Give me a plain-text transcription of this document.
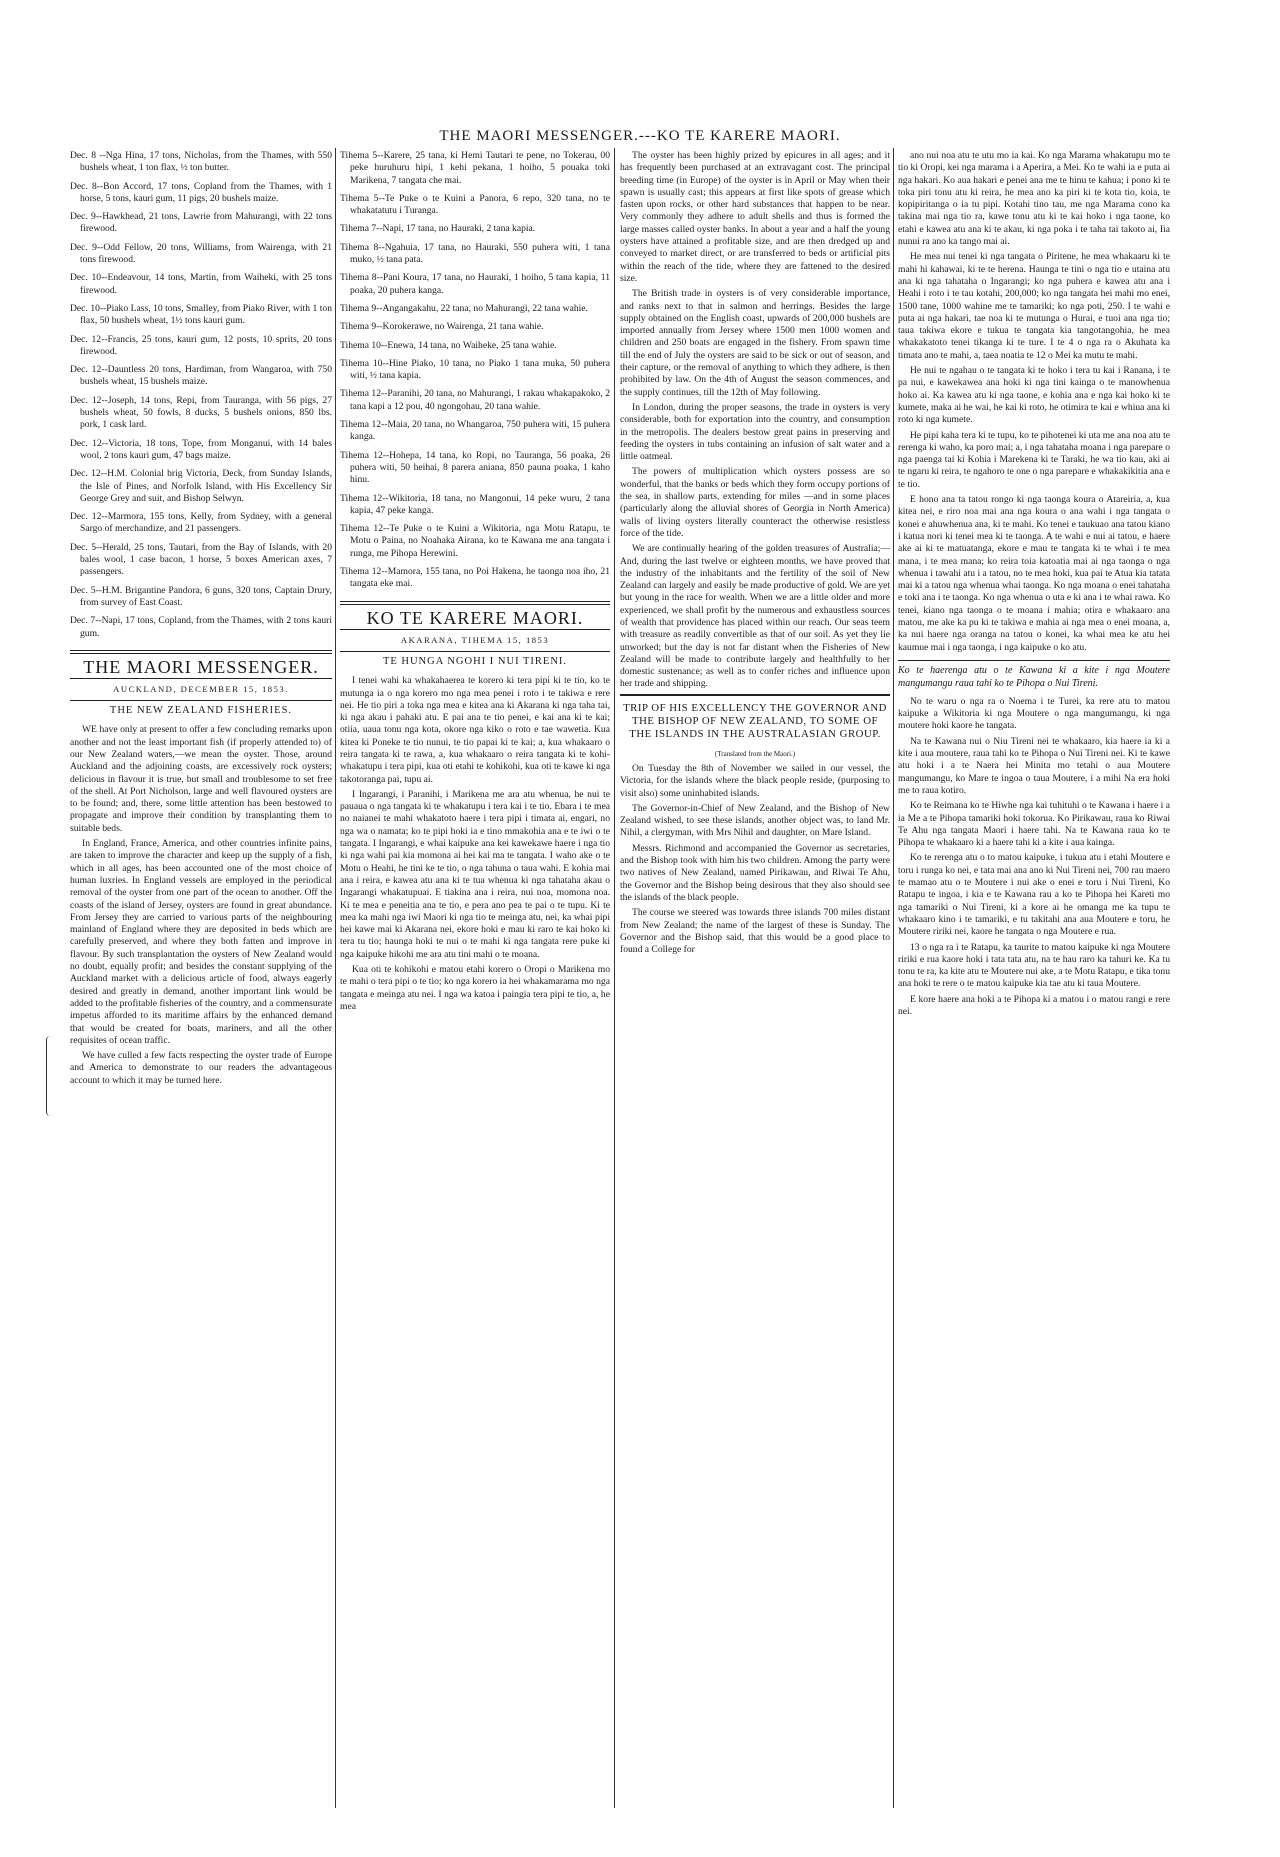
THE MAORI MESSENGER.---KO TE KARERE MAORI.
Dec. 8 --Nga Hina, 17 tons, Nicholas, from the Thames, with 550 bushels wheat, 1 ton flax, ½ ton butter.
Dec. 8--Bon Accord, 17 tons, Copland from the Thames, with 1 horse, 5 tons, kauri gum, 11 pigs, 20 bushels maize.
Dec. 9--Hawkhead, 21 tons, Lawrie from Mahurangi, with 22 tons firewood.
Dec. 9--Odd Fellow, 20 tons, Williams, from Wairenga, with 21 tons firewood.
Dec. 10--Endeavour, 14 tons, Martin, from Waiheki, with 25 tons firewood.
Dec. 10--Piako Lass, 10 tons, Smalley, from Piako River, with 1 ton flax, 50 bushels wheat, 1½ tons kauri gum.
Dec. 12--Francis, 25 tons, kauri gum, 12 posts, 10 sprits, 20 tons firewood.
Dec. 12--Dauntless 20 tons, Hardiman, from Wangaroa, with 750 bushels wheat, 15 bushels maize.
Dec. 12--Joseph, 14 tons, Repi, from Tauranga, with 56 pigs, 27 bushels wheat, 50 fowls, 8 ducks, 5 bushels onions, 850 lbs. pork, 1 cask lard.
Dec. 12--Victoria, 18 tons, Tope, from Monganui, with 14 bales wool, 2 tons kauri gum, 47 bags maize.
Dec. 12--H.M. Colonial brig Victoria, Deck, from Sunday Islands, the Isle of Pines, and Norfolk Island, with His Excellency Sir George Grey and suit, and Bishop Selwyn.
Dec. 12--Marmora, 155 tons, Kelly, from Sydney, with a general Sargo of merchandize, and 21 passengers.
Dec. 5--Herald, 25 tons, Tautari, from the Bay of Islands, with 20 bales wool, 1 case bacon, 1 horse, 5 boxes American axes, 7 passengers.
Dec. 5--H.M. Brigantine Pandora, 6 guns, 320 tons, Captain Drury, from survey of East Coast.
Dec. 7--Napi, 17 tons, Copland, from the Thames, with 2 tons kauri gum.
THE MAORI MESSENGER.
AUCKLAND, DECEMBER 15, 1853.
THE NEW ZEALAND FISHERIES.

WE have only at present to offer a few concluding remarks upon another and not the least important fish (if properly attended to) of our New Zealand waters,—we mean the oyster. Those, around Auckland and the adjoining coasts, are excessively rock oysters; delicious in flavour it is true, but small and troublesome to set free of the shell. At Port Nicholson, large and well flavoured oysters are to be found; and, there, some little attention has been bestowed to propagate and improve their condition by transplanting them to suitable beds.

In England, France, America, and other countries infinite pains, are taken to improve the character and keep up the supply of a fish, which in all ages, has been accounted one of the most choice of human luxries. In England vessels are employed in the periodical removal of the oyster from one part of the ocean to another. Off the coasts of the island of Jersey, oysters are found in great abundance. From Jersey they are carried to various parts of the neighbouring mainland of England where they are deposited in beds which are carefully preserved, and where they both fatten and improve in flavour. By such transplantation the oysters of New Zealand would no doubt, equally profit; and besides the constant supplying of the Auckland market with a delicious article of food, always eagerly desired and greatly in demand, another important link would be added to the profitable fisheries of the country, and a commensurate impetus afforded to its maritime affairs by the enhanced demand that would be created for boats, mariners, and all the other requisites of ocean traffic.

We have culled a few facts respecting the oyster trade of Europe and America to demonstrate to our readers the advantageous account to which it may be turned here.

Tihema 5--Karere, 25 tana, ki Hemi Tautari te pene, no Tokerau, 00 peke huruhuru hipi, 1 kehi pekana, 1 hoiho, 5 pouaka toki Marikena, 7 tangata che mai.
Tihema 5--Te Puke o te Kuini a Panora, 6 repo, 320 tana, no te whakatatutu i Turanga.
Tihema 7--Napi, 17 tana, no Hauraki, 2 tana kapia.
Tihema 8--Ngahuia, 17 tana, no Hauraki, 550 puhera witi, 1 tana muko, ½ tana pata.
Tihema 8--Pani Koura, 17 tana, no Hauraki, 1 hoiho, 5 tana kapia, 11 poaka, 20 puhera kanga.
Tihema 9--Angangakahu, 22 tana, no Mahurangi, 22 tana wahie.
Tihema 9--Korokerawe, no Wairenga, 21 tana wahie.
Tihema 10--Enewa, 14 tana, no Waiheke, 25 tana wahie.
Tihema 10--Hine Piako, 10 tana, no Piako 1 tana muka, 50 puhera witi, ½ tana kapia.
Tihema 12--Paranihi, 20 tana, no Mahurangi, 1 rakau whakapakoko, 2 tana kapi a 12 pou, 40 ngongohau, 20 tana wahie.
Tihema 12--Maia, 20 tana, no Whangaroa, 750 puhera witi, 15 puhera kanga.
Tihema 12--Hohepa, 14 tana, ko Ropi, no Tauranga, 56 poaka, 26 puhera witi, 50 heihai, 8 parera aniana, 850 pauna poaka, 1 kaho hinu.
Tihema 12--Wikitoria, 18 tana, no Mangonui, 14 peke wuru, 2 tana kapia, 47 peke kanga.
Tihema 12--Te Puke o te Kuini a Wikitoria, nga Motu Ratapu, te Motu o Paina, no Noahaka Airana, ko te Kawana me ana tangata i runga, me Pihopa Herewini.
Tihema 12--Mamora, 155 tana, no Poi Hakena, he taonga noa iho, 21 tangata eke mai.
KO TE KARERE MAORI.
AKARANA, TIHEMA 15, 1853
TE HUNGA NGOHI I NUI TIRENI.

I tenei wahi ka whakahaerea te korero ki tera pipi ki te tio, ko te mutunga ia o nga korero mo nga mea penei i roto i te takiwa e rere nei. He tio piri a toka nga mea e kitea ana ki Akarana ki nga taha tai, ki nga akau i pahaki atu. E pai ana te tio penei, e kai ana ki te kai; otiia, uaua tonu nga kota, okore nga kiko o roto e tae wawetia. Kua kitea ki Poneke te tio nunui, te tio papai ki te kai; a, kua whakaaro o reira tangata ki te rawa, a, kua whakaaro o reira tangata ki te kohi-whakatupu i tera pipi, kua oti etahi te kohikohi, kua oti te kawe ki nga takotoranga pai, tupu ai.

I Ingarangi, i Paranihi, i Marikena me ara atu whenua, he nui te pauaua o nga tangata ki te whakatupu i tera kai i te tio. Ebara i te mea no naianei te mahi whakatoto haere i tera pipi i timata ai, engari, no nga wa o namata; ko te pipi hoki ia e tino mmakohia ana e te iwi o te tangata. I Ingarangi, e whai kaipuke ana kei kawekawe haere i nga tio ki nga wahi pai kia momona ai hei kai ma te tangata. I waho ake o te Motu o Heahi, he tini ke te tio, o nga tahuna o taua wahi. E kohia mai ana i reira, e kawea atu ana ki te tua whenua ki nga tahataha akau o Ingarangi whakatupuai. E tiakina ana i reira, nui noa, momona noa. Ki te mea e peneitia ana te tio, e pera ano pea te pai o te tupu. Ki te mea ka mahi nga iwi Maori ki nga tio te meinga atu, nei, ka whai pipi hei kawe mai ki Akarana nei, ekore hoki e mau ki raro te kai hoko ki tera tu tio; haunga hoki te nui o te mahi ki nga tangata rere puke ki nga kaipuke hikohi me ara atu tini mahi o te moana.

Kua oti te kohikohi e matou etahi korero o Oropi o Marikena mo te mahi o tera pipi o te tio; ko nga korero ia hei whakamarama mo nga tangata e meinga atu nei. I nga wa katoa i paingia tera pipi te tio, a, he mea

The oyster has been highly prized by epicures in all ages; and it has frequently been purchased at an extravagant cost. The principal breeding time (in Europe) of the oyster is in April or May when their spawn is usually cast; this appears at first like spots of grease which fasten upon rocks, or other hard substances that happen to be near. Very commonly they adhere to adult shells and thus is formed the large masses called oyster banks. In about a year and a half the young oysters have attained a profitable size, and are then dredged up and conveyed to market direct, or are transferred to beds or artificial pits within the reach of the tide, where they are fattened to the desired size.

The British trade in oysters is of very considerable importance, and ranks next to that in salmon and herrings. Besides the large supply obtained on the English coast, upwards of 200,000 bushels are imported annually from Jersey where 1500 men 1000 women and children and 250 boats are engaged in the fishery. From spawn time till the end of July the oysters are said to be sick or out of season, and their capture, or the removal of anything to which they adhere, is then prohibited by law. On the 4th of August the season commences, and the supply continues, till the 12th of May following.

In London, during the proper seasons, the trade in oysters is very considerable, both for exportation into the country, and consumption in the metropolis. The dealers bestow great pains in preserving and feeding the oysters in tubs containing an infusion of salt water and a little oatmeal.

The powers of multiplication which oysters possess are so wonderful, that the banks or beds which they form occupy portions of the sea, in shallow parts, extending for miles —and in some places (particularly along the alluvial shores of Georgia in North America) walls of living oysters literally counteract the otherwise resistless force of the tide.

We are continually hearing of the golden treasures of Australia;—And, during the last twelve or eighteen months, we have proved that the industry of the inhabitants and the fertility of the soil of New Zealand can largely and easily be made productive of gold. We are yet but young in the race for wealth. When we are a little older and more experienced, we shall profit by the numerous and exhaustless sources of wealth that providence has placed within our reach. Our seas teem with treasure as readily convertible as that of our soil. As yet they lie unworked; but the day is not far distant when the Fisheries of New Zealand will be made to contribute largely and healthfully to her domestic sustenance; as well as to confer riches and influence upon her trade and shipping.

TRIP OF HIS EXCELLENCY THE GOVERNOR AND THE BISHOP OF NEW ZEALAND, TO SOME OF THE ISLANDS IN THE AUSTRALASIAN GROUP.
(Translated from the Maori.)

On Tuesday the 8th of November we sailed in our vessel, the Victoria, for the islands where the black people reside, (purposing to visit also) some uninhabited islands.

The Governor-in-Chief of New Zealand, and the Bishop of New Zealand wished, to see these islands, another object was, to land Mr. Nihil, a clergyman, with Mrs Nihil and daughter, on Mare Island.

Messrs. Richmond and accompanied the Governor as secretaries, and the Bishop took with him his two children. Among the party were two natives of New Zealand, named Pirikawau, and Riwai Te Ahu, the Governor and the Bishop being desirous that they also should see the islands of the black people.

The course we steered was towards three islands 700 miles distant from New Zealand; the name of the largest of these is Sunday. The Governor and the Bishop said, that this would be a good place to found a College for

ano nui noa atu te utu mo ia kai. Ko nga Marama whakatupu mo te tio ki Oropi, kei nga marama i a Aperira, a Mei. Ko te wahi ia e puta ai nga hakari. Ko aua hakari e penei ana me te hinu te kahua; i pono ki te toka piri tonu atu ki reira, he mea ano ka piri ki te kota tio, koia, te kopipiritanga o ia tu pipi. Kotahi tino tau, me nga Marama cono ka takina mai nga tio ra, kawe tonu atu ki te kai hoko i nga taone, ko etahi e kawea atu ana ki te akau, ki nga poka i te taha tai takoto ai, Iia nunui ra ano ka tango mai ai.

He mea nui tenei ki nga tangata o Piritene, he mea whakaaru ki te mahi hi kahawai, ki te te herena. Haunga te tini o nga tio e utaina atu ana ki nga tahataha o Ingarangi; ko nga puhera e kawea atu ana i Heahi i roto i te tau kotahi, 200,000; ko nga tangata hei mahi mo enei, 1500 tane, 1000 wahine me te tamariki; ko nga poti, 250. I te wahi e puta ai nga hakari, tae noa ki te mutunga o Hurai, e tuoi ana nga tio; taua takiwa ekore e tukua te tangata kia tangotangohia, he mea whakakatoto tenei tikanga ki te ture. I te 4 o nga ra o Akuhata ka timata ano te mahi, a, taea noatia te 12 o Mei ka mutu te mahi.

He nui te ngahau o te tangata ki te hoko i tera tu kai i Ranana, i te pa nui, e kawekawea ana hoki ki nga tini kainga o te manowhenua hoko ai. Ka kawea atu ki nga taone, e kohia ana e nga kai hoko ki te kumete, maka ai he wai, he kai ki roto, he otimira te kai e whiua ana ki roto ki nga kumete.

He pipi kaha tera ki te tupu, ko te pihotenei ki uta me ana noa atu te rerenga ki waho, ka poro mai; a, i nga tahataha moana i nga parepare o nga paenga tai ki Kohia i Marekena ki te Taraki, he wa tio kau, aki ai te ngaru ki reira, te ngahoro te one o nga parepare e whakakikitia ana e te tio.

E hono ana ta tatou rongo ki nga taonga koura o Atareiria, a, kua kitea nei, e riro noa mai ana nga koura o ana wahi i nga tangata o konei e ahuwhenua ana, ki te mahi. Ko tenei e taukuao ana tatou kiano i katua nori ki tenei mea ki te taonga. A te wahi e nui ai tatou, e haere ake ai ki te matuatanga, ekore e mau te tangata ki te whai i te mea mana, i te mea mana; ko reira toia katoatia mai ai nga taonga o nga whenua i tawahi atu i a tatou, no te mea hoki, kua pai te Atua kia tatata mai ki a tatou nga whenua whai taonga. Ko nga moana o enei tahataha e toki ana i te taonga. Ko nga whenua o uta e ki ana i te whai rawa. Ko tenei, kiano nga taonga o te moana i mahia; otira e whakaaro ana matou, me ake ka pu ki te takiwa e mahia ai nga mea o enei moana, a, ka nui haere nga oranga na tatou o konei, ka whai mea ke atu hei kaumue mai i nga taonga, i nga kaipuke o ko atu.

Ko te haerenga atu o te Kawana ki a kite i nga Moutere mangumangu raua tahi ko te Pihopa o Nui Tireni.

No te waru o nga ra o Noema i te Turei, ka rere atu to matou kaipuke a Wikitoria ki nga Moutere o nga mangumangu, ki nga moutere hoki kaore he tangata.

Na te Kawana nui o Niu Tireni nei te whakaaro, kia haere ia ki a kite i aua moutere, raua tahi ko te Pihopa o Nui Tireni nei. Ki te kawe atu hoki i a te Naera hei Minita mo tetahi o aua Moutere mangumangu, ko Mare te ingoa o taua Moutere, i a mihi Na era hoki me to raua kotiro.

Ko te Reimana ko te Hiwhe nga kai tuhituhi o te Kawana i haere i a ia Me a te Pihopa tamariki hoki tokorua. Ko Pirikawau, raua ko Riwai Te Ahu nga tangata Maori i haere tahi. Na te Kawana raua ko te Pihopa te whakaaro ki a haere tahi ki a kite i aua kainga.

Ko te rerenga atu o to matou kaipuke, i tukua atu i etahi Moutere e toru i runga ko nei, e tata mai ana ano ki Nui Tireni nei, 700 rau maero te mamao atu o te Moutere i nui ake o enei e toru i Nui Tireni, Ko Ratapu te ingoa, i kia e te Kawana rau a ko te Pihopa hei Kareti mo nga tamariki o Nui Tireni, ki a kore ai he omanga me ka tupu te whakaaro kino i te tamariki, e tu takitahi ana aua Moutere e toru, he Moutere ririki nei, kaore he tangata o nga Moutere e rua.

13 o nga ra i te Ratapu, ka taurite to matou kaipuke ki nga Moutere ririki e rua kaore hoki i tata tata atu, na te hau raro ka tahuri ke. Ka tu tonu te ra, ka kite atu te Moutere nui ake, a te Motu Ratapu, e tika tonu ana hoki te rere o te matou kaipuke kia tae atu ki taua Moutere.

E kore haere ana hoki a te Pihopa ki a matou i o matou rangi e rere nei.
